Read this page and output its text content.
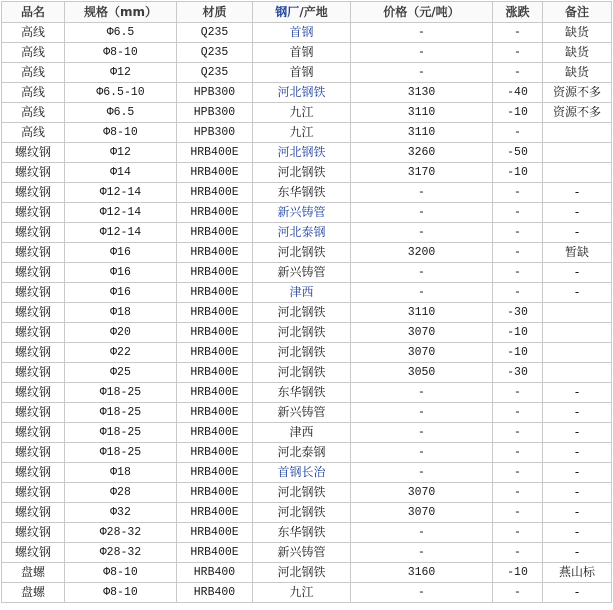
品名	规格（mm）	材质	钢厂/产地	价格（元/吨）	涨跌	备注
高线	Φ6.5	Q235	首钢	-	-	缺货
高线	Φ8-10	Q235	首钢	-	-	缺货
高线	Φ12	Q235	首钢	-	-	缺货
高线	Φ6.5-10	HPB300	河北钢铁	3130	-40	资源不多
高线	Φ6.5	HPB300	九江	3110	-10	资源不多
高线	Φ8-10	HPB300	九江	3110	-	
螺纹钢	Φ12	HRB400E	河北钢铁	3260	-50	
螺纹钢	Φ14	HRB400E	河北钢铁	3170	-10	
螺纹钢	Φ12-14	HRB400E	东华钢铁	-	-	-
螺纹钢	Φ12-14	HRB400E	新兴铸管	-	-	-
螺纹钢	Φ12-14	HRB400E	河北泰钢	-	-	-
螺纹钢	Φ16	HRB400E	河北钢铁	3200	-	暂缺
螺纹钢	Φ16	HRB400E	新兴铸管	-	-	-
螺纹钢	Φ16	HRB400E	津西	-	-	-
螺纹钢	Φ18	HRB400E	河北钢铁	3110	-30	
螺纹钢	Φ20	HRB400E	河北钢铁	3070	-10	
螺纹钢	Φ22	HRB400E	河北钢铁	3070	-10	
螺纹钢	Φ25	HRB400E	河北钢铁	3050	-30	
螺纹钢	Φ18-25	HRB400E	东华钢铁	-	-	-
螺纹钢	Φ18-25	HRB400E	新兴铸管	-	-	-
螺纹钢	Φ18-25	HRB400E	津西	-	-	-
螺纹钢	Φ18-25	HRB400E	河北泰钢	-	-	-
螺纹钢	Φ18	HRB400E	首钢长治	-	-	-
螺纹钢	Φ28	HRB400E	河北钢铁	3070	-	-
螺纹钢	Φ32	HRB400E	河北钢铁	3070	-	-
螺纹钢	Φ28-32	HRB400E	东华钢铁	-	-	-
螺纹钢	Φ28-32	HRB400E	新兴铸管	-	-	-
盘螺	Φ8-10	HRB400	河北钢铁	3160	-10	燕山标
盘螺	Φ8-10	HRB400	九江	-	-	-
